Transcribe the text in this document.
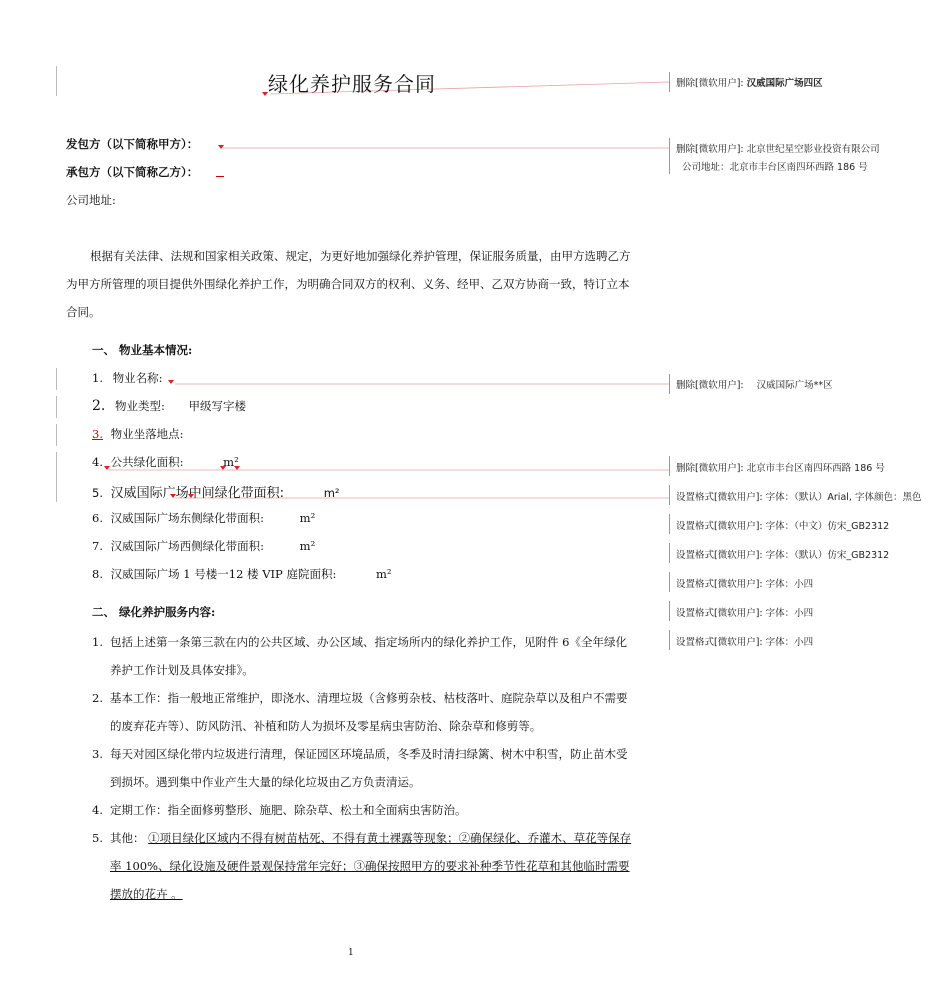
绿化养护服务合同
发包方（以下简称甲方）：
承包方（以下简称乙方）：
公司地址:
根据有关法律、法规和国家相关政策、规定，为更好地加强绿化养护管理，保证服务质量，由甲方选聘乙方为甲方所管理的项目提供外围绿化养护工作，为明确合同双方的权利、义务、经甲、乙双方协商一致，特订立本合同。
一、 物业基本情况:
1. 物业名称:
2. 物业类型: 甲级写字楼
3. 物业坐落地点:
4. 公共绿化面积:	m²
5. 汉威国际广场中间绿化带面积:	m²
6. 汉威国际广场东侧绿化带面积:	m²
7. 汉威国际广场西侧绿化带面积:	m²
8. 汉威国际广场 1 号楼一12 楼 VIP 庭院面积:	m²
二、 绿化养护服务内容:
1. 包括上述第一条第三款在内的公共区域、办公区域、指定场所内的绿化养护工作，见附件 6《全年绿化养护工作计划及具体安排》。
2. 基本工作：指一般地正常维护，即浇水、清理垃圾（含修剪杂枝、枯枝落叶、庭院杂草以及租户不需要的废弃花卉等）、防风防汛、补植和防人为损坏及零星病虫害防治、除杂草和修剪等。
3. 每天对园区绿化带内垃圾进行清理，保证园区环境品质，冬季及时清扫绿篱、树木中积雪，防止苗木受到损坏。遇到集中作业产生大量的绿化垃圾由乙方负责清运。
4. 定期工作：指全面修剪整形、施肥、除杂草、松土和全面病虫害防治。
5. 其他： ①项目绿化区域内不得有树苗枯死、不得有黄土裸露等现象；②确保绿化、乔灌木、草花等保存率 100%、绿化设施及硬件景观保持常年完好；③确保按照甲方的要求补种季节性花草和其他临时需要摆放的花卉 。
1
删除[微软用户]: 汉威国际广场四区
删除[微软用户]: 北京世纪星空影业投资有限公司
公司地址：北京市丰台区南四环西路 186 号
删除[微软用户]: 汉威国际广场**区
删除[微软用户]: 北京市丰台区南四环西路 186 号
设置格式[微软用户]: 字体：（默认）Arial, 字体颜色：黑色
设置格式[微软用户]: 字体：（中文）仿宋_GB2312
设置格式[微软用户]: 字体：（默认）仿宋_GB2312
设置格式[微软用户]: 字体：小四
设置格式[微软用户]: 字体：小四
设置格式[微软用户]: 字体：小四
